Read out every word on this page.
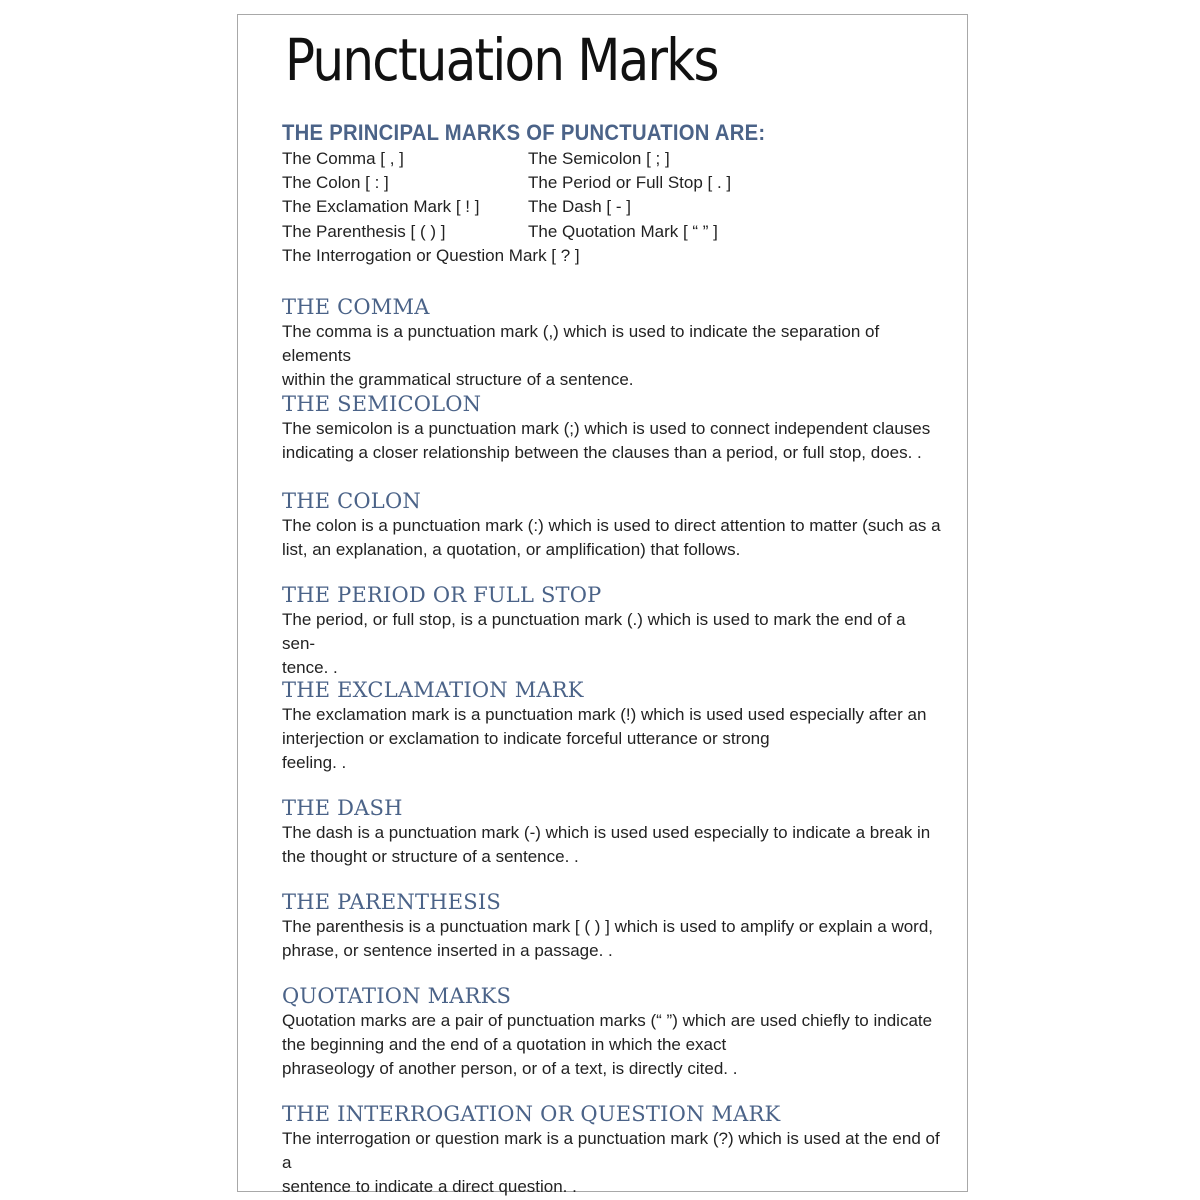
Punctuation Marks
THE PRINCIPAL MARKS OF PUNCTUATION ARE:
The Comma [ , ]	The Semicolon [ ; ]
The Colon [ : ]	The Period or Full Stop [ . ]
The Exclamation Mark [ ! ]	The Dash [ - ]
The Parenthesis [ ( ) ]	The Quotation Mark [ “ ” ]
The Interrogation or Question Mark [ ? ]
THE COMMA
The comma is a punctuation mark (,) which is used to indicate the separation of elements
within the grammatical structure of a sentence.
THE SEMICOLON
The semicolon is a punctuation mark (;) which is used to connect independent clauses
indicating a closer relationship between the clauses than a period, or full stop, does. .
THE COLON
The colon is a punctuation mark (:) which is used to direct attention to matter (such as a
list, an explanation, a quotation, or amplification) that follows.
THE PERIOD OR FULL STOP
The period, or full stop, is a punctuation mark (.) which is used to mark the end of a sen-
tence. .
THE EXCLAMATION MARK
The exclamation mark is a punctuation mark (!) which is used used especially after an
interjection or exclamation to indicate forceful utterance or strong
feeling. .
THE DASH
The dash is a punctuation mark (-) which is used used especially to indicate a break in
the thought or structure of a sentence. .
THE PARENTHESIS
The parenthesis is a punctuation mark [ ( ) ] which is used to amplify or explain a word,
phrase, or sentence inserted in a passage. .
QUOTATION MARKS
Quotation marks are a pair of punctuation marks (“ ”) which are used chiefly to indicate
the beginning and the end of a quotation in which the exact
phraseology of another person, or of a text, is directly cited. .
THE INTERROGATION OR QUESTION MARK
The interrogation or question mark is a punctuation mark (?) which is used at the end of a
sentence to indicate a direct question. .
